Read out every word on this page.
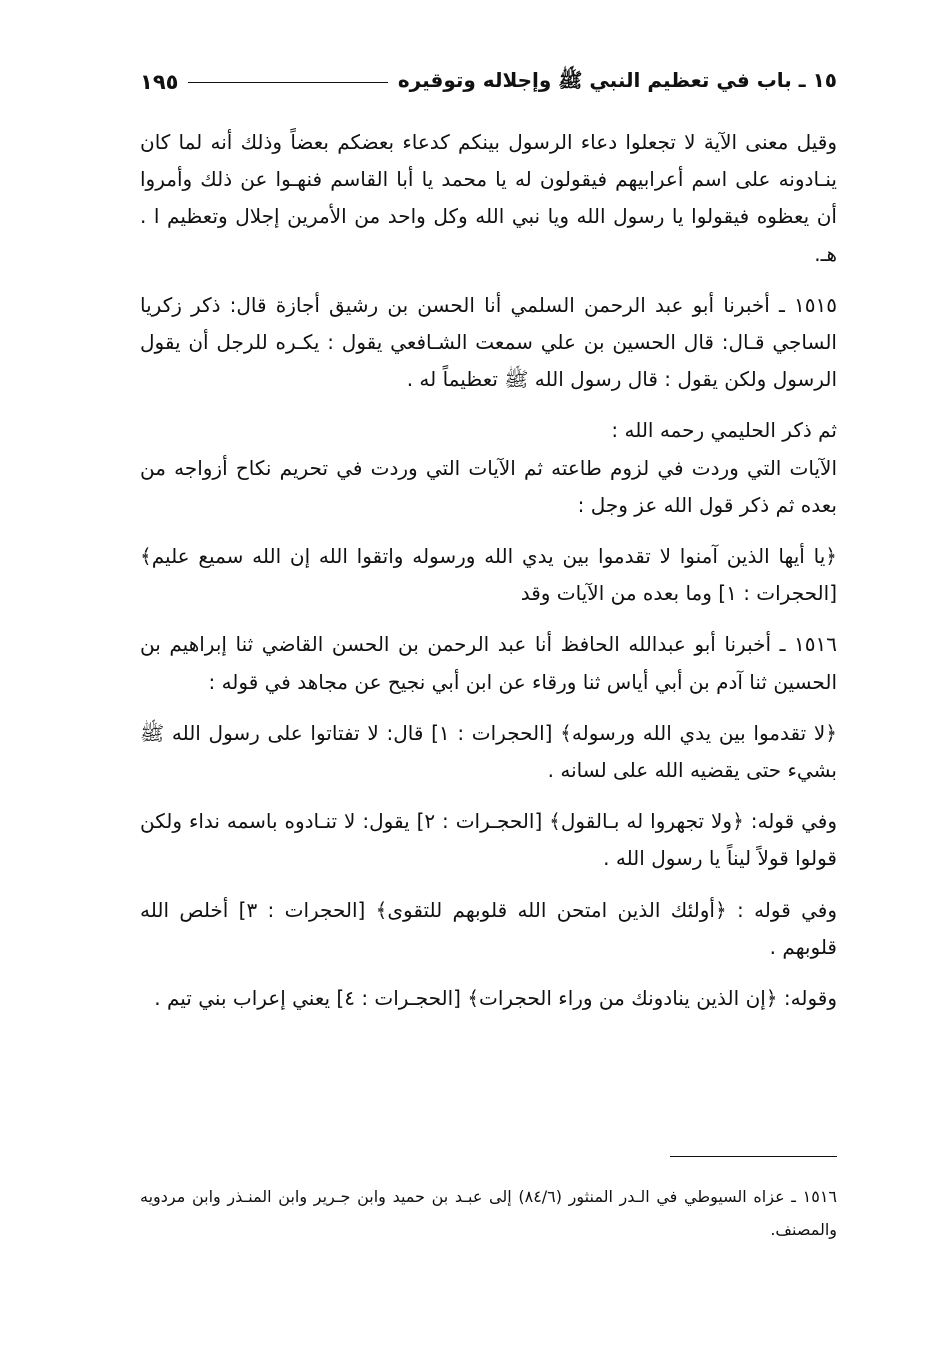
١٥ ـ باب في تعظيم النبي ﷺ وإجلاله وتوقيره
١٩٥

وقيل معنى الآية لا تجعلوا دعاء الرسول بينكم كدعاء بعضكم بعضاً وذلك أنه لما كان ينـادونه على اسم أعرابيهم فيقولون له يا محمد يا أبا القاسم فنهـوا عن ذلك وأمروا أن يعظوه فيقولوا يا رسول الله ويا نبي الله وكل واحد من الأمرين إجلال وتعظيم ا . هـ.

١٥١٥ ـ أخبرنا أبو عبد الرحمن السلمي أنا الحسن بن رشيق أجازة قال: ذكر زكريا الساجي قـال: قال الحسين بن علي سمعت الشـافعي يقول : يكـره للرجل أن يقول الرسول ولكن يقول : قال رسول الله ﷺ تعظيماً له .

ثم ذكر الحليمي رحمه الله :

الآيات التي وردت في لزوم طاعته ثم الآيات التي وردت في تحريم نكاح أزواجه من بعده ثم ذكر قول الله عز وجل :

﴿يا أيها الذين آمنوا لا تقدموا بين يدي الله ورسوله واتقوا الله إن الله سميع عليم﴾ [الحجرات : ١] وما بعده من الآيات وقد

١٥١٦ ـ أخبرنا أبو عبدالله الحافظ أنا عبد الرحمن بن الحسن القاضي ثنا إبراهيم بن الحسين ثنا آدم بن أبي أياس ثنا ورقاء عن ابن أبي نجيح عن مجاهد في قوله :

﴿لا تقدموا بين يدي الله ورسوله﴾ [الحجرات : ١] قال: لا تفتاتوا على رسول الله ﷺ بشيء حتى يقضيه الله على لسانه .

وفي قوله: ﴿ولا تجهروا له بـالقول﴾ [الحجـرات : ٢] يقول: لا تنـادوه باسمه نداء ولكن قولوا قولاً ليناً يا رسول الله .

وفي قوله : ﴿أولئك الذين امتحن الله قلوبهم للتقوى﴾ [الحجرات : ٣] أخلص الله قلوبهم .

وقوله: ﴿إن الذين ينادونك من وراء الحجرات﴾ [الحجـرات : ٤] يعني إعراب بني تيم .

١٥١٦ ـ عزاه السيوطي في الـدر المنثور (٨٤/٦) إلى عبـد بن حميد وابن جـرير وابن المنـذر وابن مردويه والمصنف.
